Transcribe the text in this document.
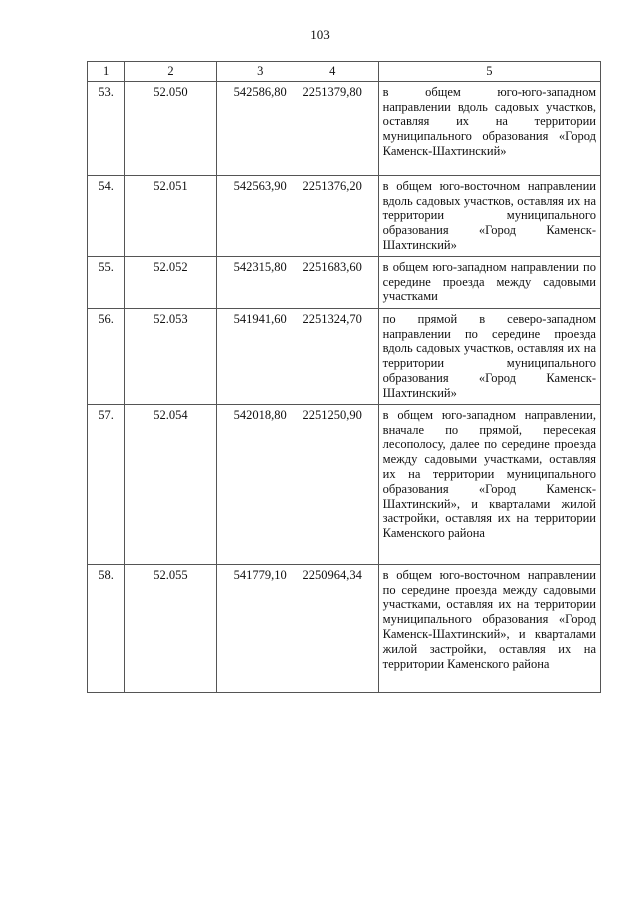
103
1	2	3 4	5
53.	52.050	542586,80 2251379,80	в общем юго-юго-западном направлении вдоль садовых участков, оставляя их на территории муниципального образования «Город Каменск-Шахтинский»
54.	52.051	542563,90 2251376,20	в общем юго-восточном направлении вдоль садовых участков, оставляя их на территории муниципального образования «Город Каменск-Шахтинский»
55.	52.052	542315,80 2251683,60	в общем юго-западном направлении по середине проезда между садовыми участками
56.	52.053	541941,60 2251324,70	по прямой в северо-западном направлении по середине проезда вдоль садовых участков, оставляя их на территории муниципального образования «Город Каменск-Шахтинский»
57.	52.054	542018,80 2251250,90	в общем юго-западном направлении, вначале по прямой, пересекая лесополосу, далее по середине проезда между садовыми участками, оставляя их на территории муниципального образования «Город Каменск-Шахтинский», и кварталами жилой застройки, оставляя их на территории Каменского района
58.	52.055	541779,10 2250964,34	в общем юго-восточном направлении по середине проезда между садовыми участками, оставляя их на территории муниципального образования «Город Каменск-Шахтинский», и кварталами жилой застройки, оставляя их на территории Каменского района
